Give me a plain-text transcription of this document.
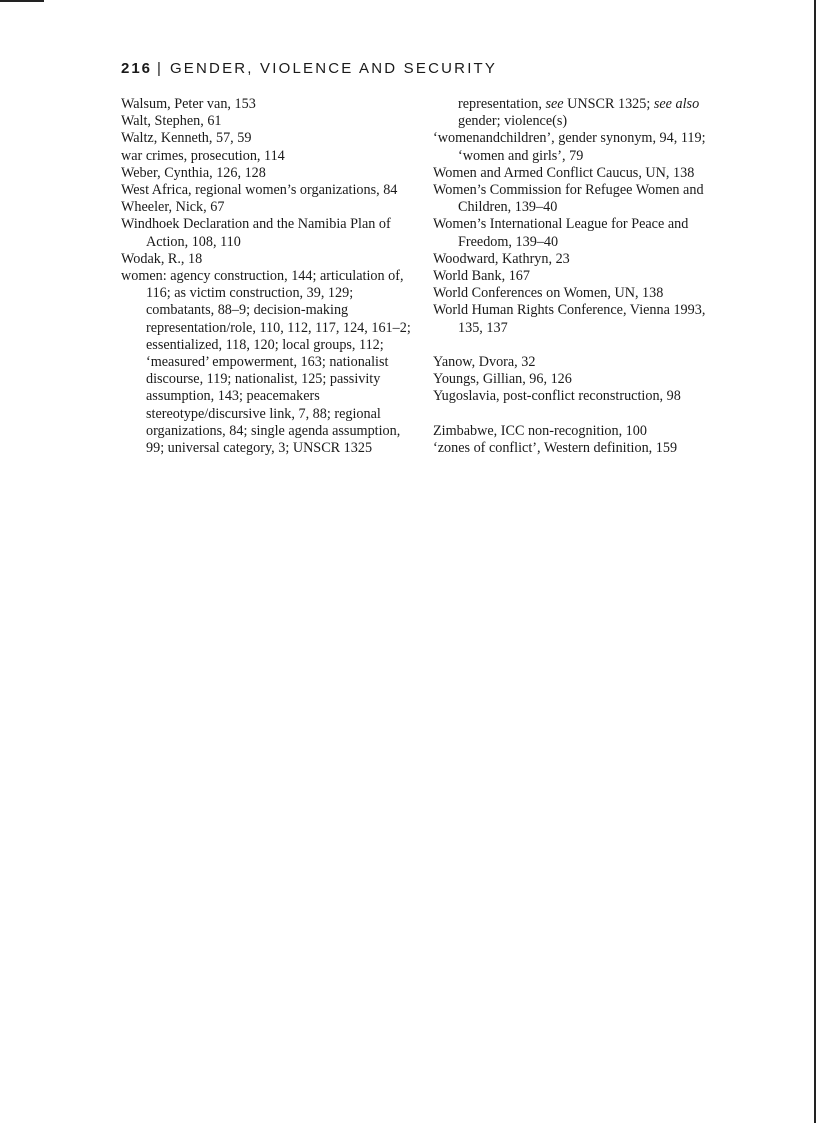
216 | GENDER, VIOLENCE AND SECURITY

Walsum, Peter van, 153

Walt, Stephen, 61

Waltz, Kenneth, 57, 59

war crimes, prosecution, 114

Weber, Cynthia, 126, 128

West Africa, regional women’s organizations, 84

Wheeler, Nick, 67

Windhoek Declaration and the Namibia Plan of Action, 108, 110

Wodak, R., 18

women: agency construction, 144; articulation of, 116; as victim construction, 39, 129; combatants, 88–9; decision-making representation/role, 110, 112, 117, 124, 161–2; essentialized, 118, 120; local groups, 112; ‘measured’ empowerment, 163; nationalist discourse, 119; nationalist, 125; passivity assumption, 143; peacemakers stereotype/discursive link, 7, 88; regional organizations, 84; single agenda assumption, 99; universal category, 3; UNSCR 1325

representation, see UNSCR 1325; see also gender; violence(s)

‘womenandchildren’, gender synonym, 94, 119; ‘women and girls’, 79

Women and Armed Conflict Caucus, UN, 138

Women’s Commission for Refugee Women and Children, 139–40

Women’s International League for Peace and Freedom, 139–40

Woodward, Kathryn, 23

World Bank, 167

World Conferences on Women, UN, 138

World Human Rights Conference, Vienna 1993, 135, 137

Yanow, Dvora, 32

Youngs, Gillian, 96, 126

Yugoslavia, post-conflict reconstruction, 98

Zimbabwe, ICC non-recognition, 100

‘zones of conflict’, Western definition, 159
